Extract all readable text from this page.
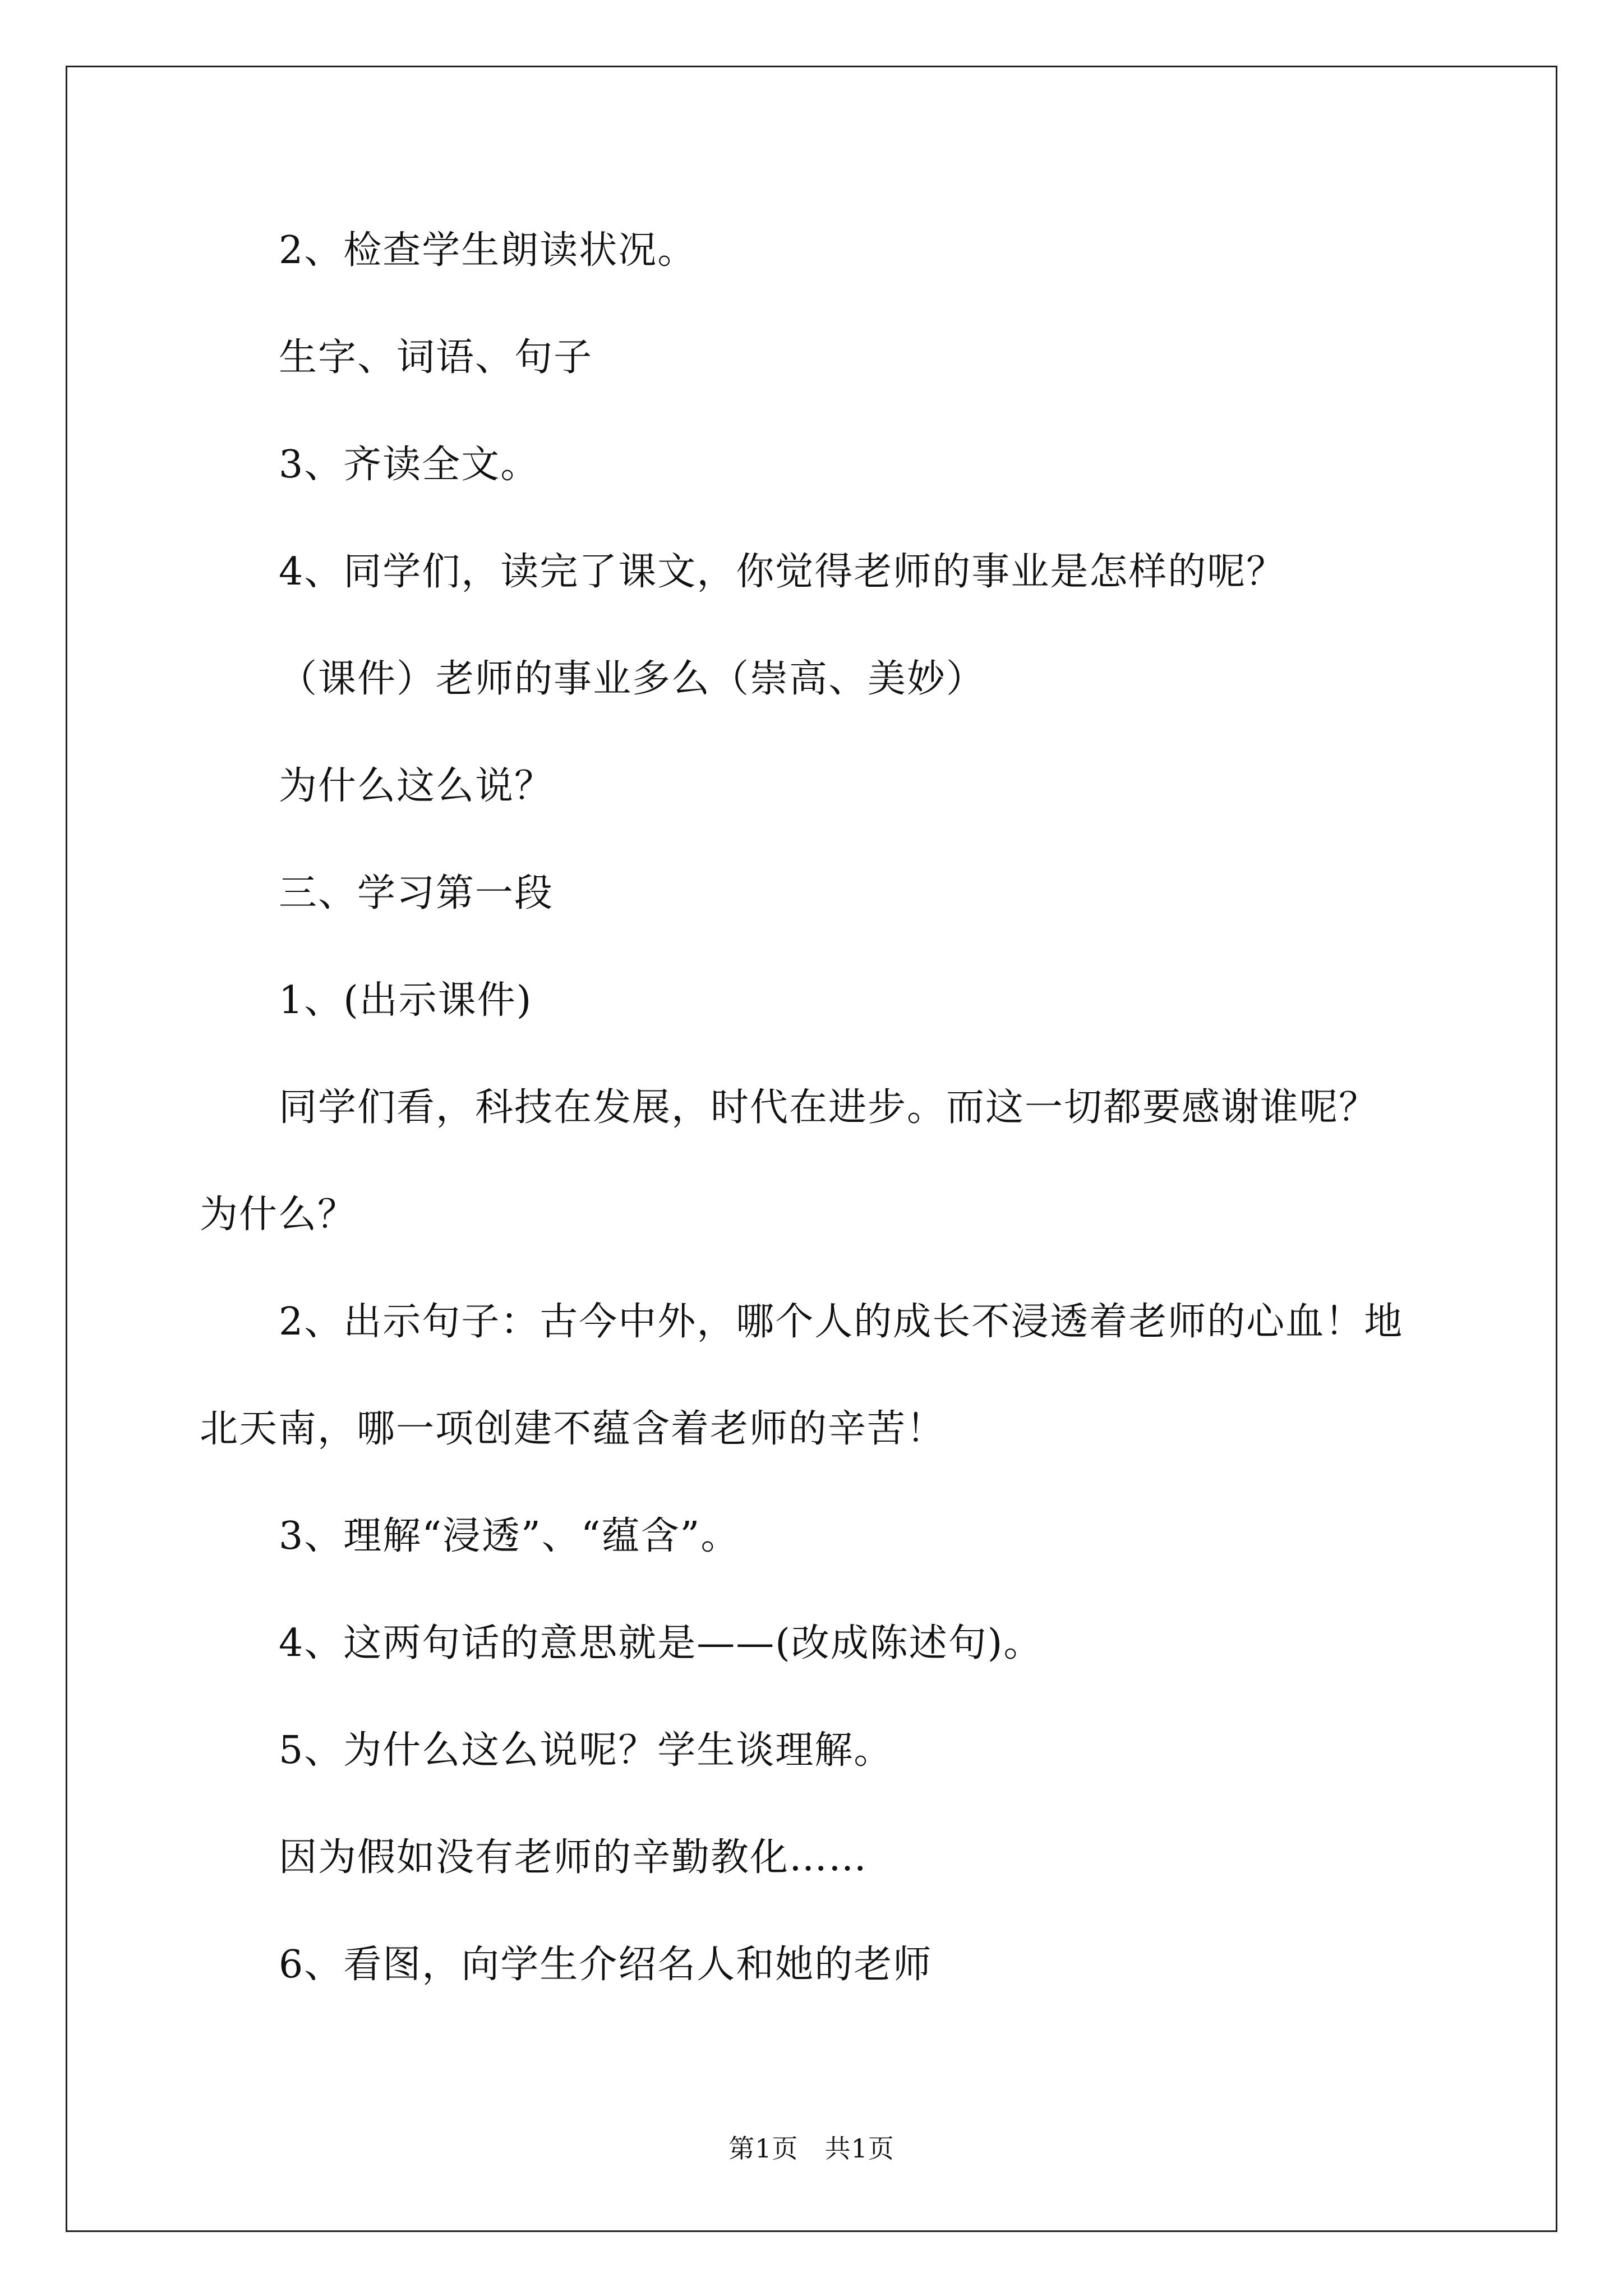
2、检查学生朗读状况。
生字、词语、句子
3、齐读全文。
4、同学们，读完了课文，你觉得老师的事业是怎样的呢？
（课件）老师的事业多么（崇高、美妙）
为什么这么说？
三、学习第一段
1、(出示课件)
同学们看，科技在发展，时代在进步。而这一切都要感谢谁呢？
为什么？
2、出示句子：古今中外，哪个人的成长不浸透着老师的心血！地
北天南，哪一项创建不蕴含着老师的辛苦！
3、理解“浸透”、“蕴含”。
4、这两句话的意思就是——(改成陈述句)。
5、为什么这么说呢？学生谈理解。
因为假如没有老师的辛勤教化……
6、看图，向学生介绍名人和她的老师
第1页　共1页
